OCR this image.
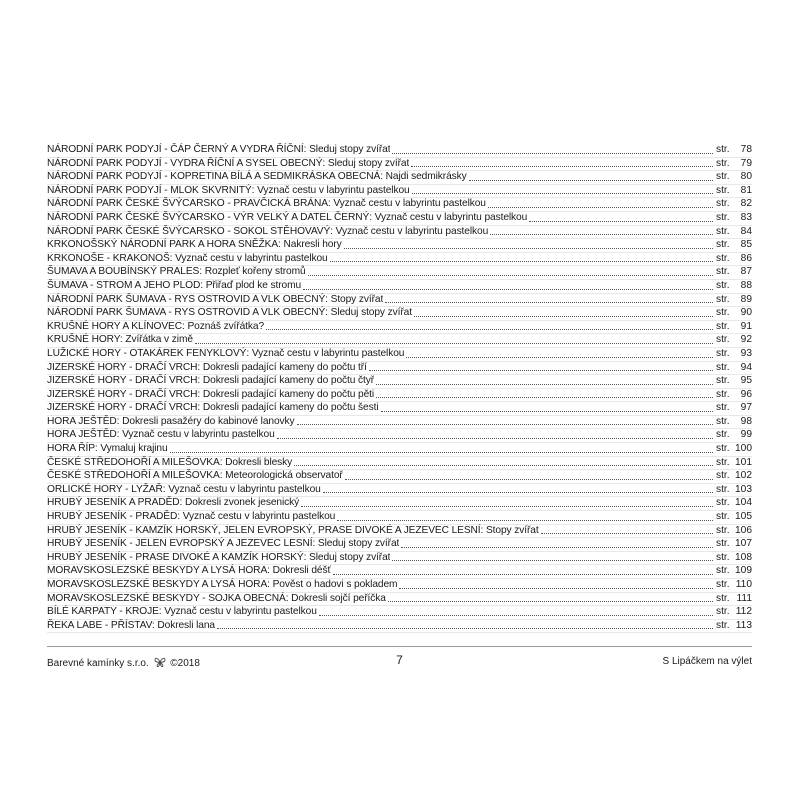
NÁRODNÍ PARK PODYJÍ - ČÁP ČERNÝ A VYDRA ŘÍČNÍ: Sleduj stopy zvířat	str. 78
NÁRODNÍ PARK PODYJÍ - VYDRA ŘÍČNÍ A SYSEL OBECNÝ: Sleduj stopy zvířat	str. 79
NÁRODNÍ PARK PODYJÍ - KOPRETINA BÍLÁ A SEDMIKRÁSKA OBECNÁ: Najdi sedmikrásky	str. 80
NÁRODNÍ PARK PODYJÍ - MLOK SKVRNITÝ: Vyznač cestu v labyrintu pastelkou	str. 81
NÁRODNÍ PARK ČESKÉ ŠVÝCARSKO - PRAVČICKÁ BRÁNA: Vyznač cestu v labyrintu pastelkou	str. 82
NÁRODNÍ PARK ČESKÉ ŠVÝCARSKO - VÝR VELKÝ A DATEL ČERNÝ: Vyznač cestu v labyrintu pastelkou	str. 83
NÁRODNÍ PARK ČESKÉ ŠVÝCARSKO - SOKOL STĚHOVAVÝ: Vyznač cestu v labyrintu pastelkou	str. 84
KRKONOŠSKÝ NÁRODNÍ PARK A HORA SNĚŽKA: Nakresli hory	str. 85
KRKONOŠE - KRAKONOŠ: Vyznač cestu v labyrintu pastelkou	str. 86
ŠUMAVA A BOUBÍNSKÝ PRALES: Rozpleť kořeny stromů	str. 87
ŠUMAVA - STROM A JEHO PLOD: Přiřaď plod ke stromu	str. 88
NÁRODNÍ PARK ŠUMAVA - RYS OSTROVID A VLK OBECNÝ: Stopy zvířat	str. 89
NÁRODNÍ PARK ŠUMAVA - RYS OSTROVID A VLK OBECNÝ: Sleduj stopy zvířat	str. 90
KRUŠNÉ HORY A KLÍNOVEC: Poznáš zvířátka?	str. 91
KRUŠNÉ HORY: Zvířátka v zimě	str. 92
LUŽICKÉ HORY - OTAKÁREK FENYKLOVÝ: Vyznač cestu v labyrintu pastelkou	str. 93
JIZERSKÉ HORY - DRAČÍ VRCH: Dokresli padající kameny do počtu tří	str. 94
JIZERSKÉ HORY - DRAČÍ VRCH: Dokresli padající kameny do počtu čtyř	str. 95
JIZERSKÉ HORY - DRAČÍ VRCH: Dokresli padající kameny do počtu pěti	str. 96
JIZERSKÉ HORY - DRAČÍ VRCH: Dokresli padající kameny do počtu šesti	str. 97
HORA JEŠTĚD: Dokresli pasažéry do kabinové lanovky	str. 98
HORA JEŠTĚD: Vyznač cestu v labyrintu pastelkou	str. 99
HORA ŘÍP: Vymaluj krajinu	str. 100
ČESKÉ STŘEDOHOŘÍ A MILEŠOVKA: Dokresli blesky	str. 101
ČESKÉ STŘEDOHOŘÍ A MILEŠOVKA: Meteorologická observatoř	str. 102
ORLICKÉ HORY - LYŽAŘ: Vyznač cestu v labyrintu pastelkou	str. 103
HRUBÝ JESENÍK A PRADĚD: Dokresli zvonek jesenický	str. 104
HRUBÝ JESENÍK - PRADĚD: Vyznač cestu v labyrintu pastelkou	str. 105
HRUBÝ JESENÍK - KAMZÍK HORSKÝ, JELEN EVROPSKÝ, PRASE DIVOKÉ A JEZEVEC LESNÍ: Stopy zvířat	str. 106
HRUBÝ JESENÍK - JELEN EVROPSKÝ A JEZEVEC LESNÍ: Sleduj stopy zvířat	str. 107
HRUBÝ JESENÍK - PRASE DIVOKÉ A KAMZÍK HORSKÝ: Sleduj stopy zvířat	str. 108
MORAVSKOSLEZSKÉ BESKYDY A LYSÁ HORA: Dokresli déšť	str. 109
MORAVSKOSLEZSKÉ BESKYDY A LYSÁ HORA: Pověst o hadovi s pokladem	str. 110
MORAVSKOSLEZSKÉ BESKYDY - SOJKA OBECNÁ: Dokresli sojčí peříčka	str. 111
BÍLÉ KARPATY - KROJE: Vyznač cestu v labyrintu pastelkou	str. 112
ŘEKA LABE - PŘÍSTAV: Dokresli lana	str. 113
Barevné kamínky s.r.o. ©2018	7	S Lipáčkem na výlet
